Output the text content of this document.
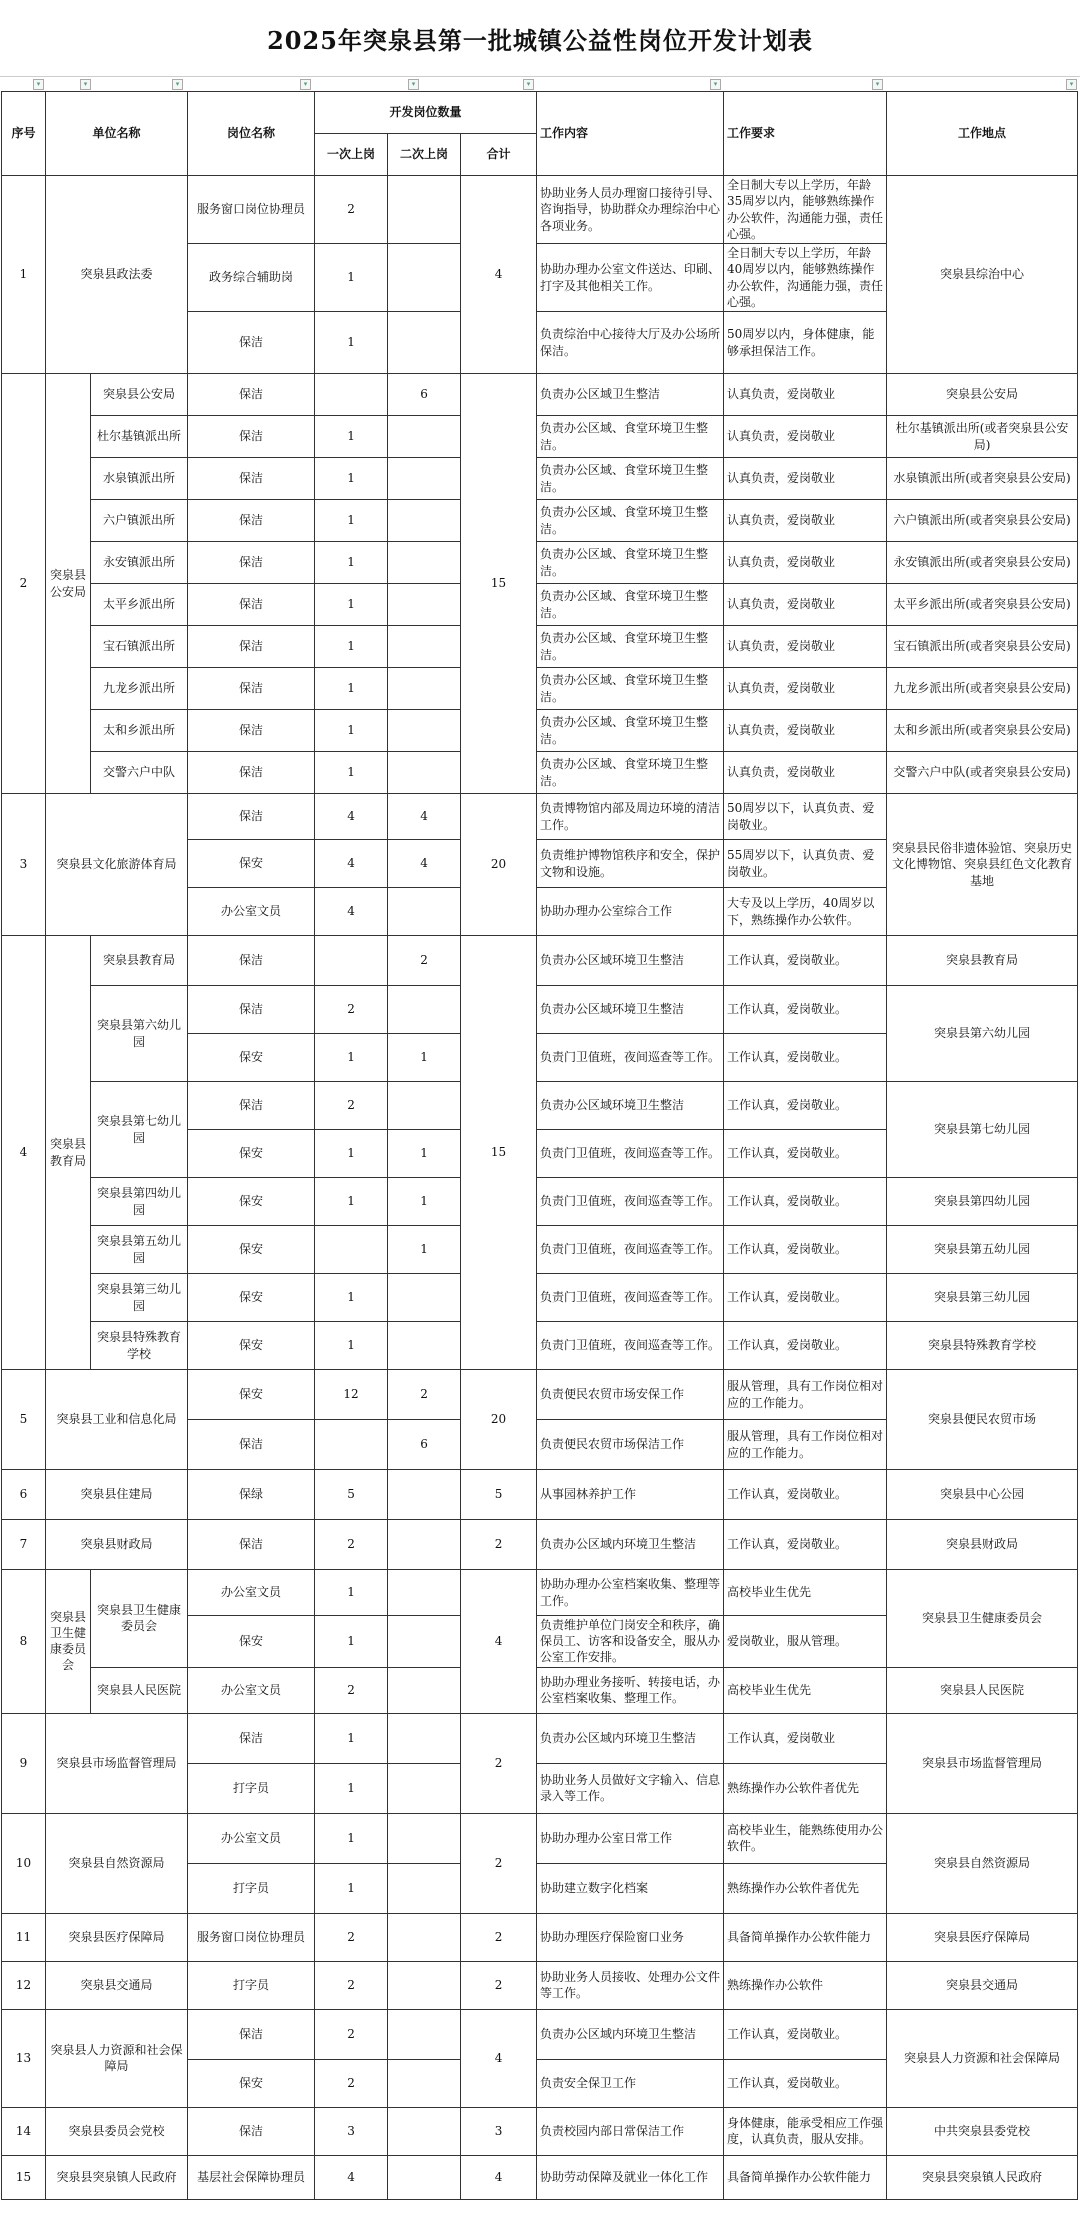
2025年突泉县第一批城镇公益性岗位开发计划表
▾	▾	▾	▾	▾	▾	▾	▾	▾
序号	单位名称		岗位名称	开发岗位数量			工作内容	工作要求	工作地点
				一次上岗	二次上岗	合计			
1	突泉县政法委		服务窗口岗位协理员	2		4	协助业务人员办理窗口接待引导、咨询指导，协助群众办理综治中心各项业务。	全日制大专以上学历，年龄35周岁以内，能够熟练操作办公软件，沟通能力强，责任心强。	突泉县综治中心
			政务综合辅助岗	1			协助办理办公室文件送达、印刷、打字及其他相关工作。	全日制大专以上学历，年龄40周岁以内，能够熟练操作办公软件，沟通能力强，责任心强。	
			保洁	1			负责综治中心接待大厅及办公场所保洁。	50周岁以内，身体健康，能够承担保洁工作。	
2	突泉县公安局	突泉县公安局	保洁		6	15	负责办公区域卫生整洁	认真负责，爱岗敬业	突泉县公安局
		杜尔基镇派出所	保洁	1			负责办公区域、食堂环境卫生整洁。	认真负责，爱岗敬业	杜尔基镇派出所(或者突泉县公安局)
		水泉镇派出所	保洁	1			负责办公区域、食堂环境卫生整洁。	认真负责，爱岗敬业	水泉镇派出所(或者突泉县公安局)
		六户镇派出所	保洁	1			负责办公区域、食堂环境卫生整洁。	认真负责，爱岗敬业	六户镇派出所(或者突泉县公安局)
		永安镇派出所	保洁	1			负责办公区域、食堂环境卫生整洁。	认真负责，爱岗敬业	永安镇派出所(或者突泉县公安局)
		太平乡派出所	保洁	1			负责办公区域、食堂环境卫生整洁。	认真负责，爱岗敬业	太平乡派出所(或者突泉县公安局)
		宝石镇派出所	保洁	1			负责办公区域、食堂环境卫生整洁。	认真负责，爱岗敬业	宝石镇派出所(或者突泉县公安局)
		九龙乡派出所	保洁	1			负责办公区域、食堂环境卫生整洁。	认真负责，爱岗敬业	九龙乡派出所(或者突泉县公安局)
		太和乡派出所	保洁	1			负责办公区域、食堂环境卫生整洁。	认真负责，爱岗敬业	太和乡派出所(或者突泉县公安局)
		交警六户中队	保洁	1			负责办公区域、食堂环境卫生整洁。	认真负责，爱岗敬业	交警六户中队(或者突泉县公安局)
3	突泉县文化旅游体育局		保洁	4	4	20	负责博物馆内部及周边环境的清洁工作。	50周岁以下，认真负责、爱岗敬业。	突泉县民俗非遗体验馆、突泉历史文化博物馆、突泉县红色文化教育基地
			保安	4	4		负责维护博物馆秩序和安全，保护文物和设施。	55周岁以下，认真负责、爱岗敬业。	
			办公室文员	4			协助办理办公室综合工作	大专及以上学历，40周岁以下，熟练操作办公软件。	
4	突泉县教育局	突泉县教育局	保洁		2	15	负责办公区域环境卫生整洁	工作认真，爱岗敬业。	突泉县教育局
		突泉县第六幼儿园	保洁	2			负责办公区域环境卫生整洁	工作认真，爱岗敬业。	突泉县第六幼儿园
			保安	1	1		负责门卫值班，夜间巡查等工作。	工作认真，爱岗敬业。	
		突泉县第七幼儿园	保洁	2			负责办公区域环境卫生整洁	工作认真，爱岗敬业。	突泉县第七幼儿园
			保安	1	1		负责门卫值班，夜间巡查等工作。	工作认真，爱岗敬业。	
		突泉县第四幼儿园	保安	1	1		负责门卫值班，夜间巡查等工作。	工作认真，爱岗敬业。	突泉县第四幼儿园
		突泉县第五幼儿园	保安		1		负责门卫值班，夜间巡查等工作。	工作认真，爱岗敬业。	突泉县第五幼儿园
		突泉县第三幼儿园	保安	1			负责门卫值班，夜间巡查等工作。	工作认真，爱岗敬业。	突泉县第三幼儿园
		突泉县特殊教育学校	保安	1			负责门卫值班，夜间巡查等工作。	工作认真，爱岗敬业。	突泉县特殊教育学校
5	突泉县工业和信息化局		保安	12	2	20	负责便民农贸市场安保工作	服从管理，具有工作岗位相对应的工作能力。	突泉县便民农贸市场
			保洁		6		负责便民农贸市场保洁工作	服从管理，具有工作岗位相对应的工作能力。	
6	突泉县住建局		保绿	5		5	从事园林养护工作	工作认真，爱岗敬业。	突泉县中心公园
7	突泉县财政局		保洁	2		2	负责办公区域内环境卫生整洁	工作认真，爱岗敬业。	突泉县财政局
8	突泉县卫生健康委员会	突泉县卫生健康委员会	办公室文员	1		4	协助办理办公室档案收集、整理等工作。	高校毕业生优先	突泉县卫生健康委员会
			保安	1			负责维护单位门岗安全和秩序，确保员工、访客和设备安全，服从办公室工作安排。	爱岗敬业，服从管理。	
		突泉县人民医院	办公室文员	2			协助办理业务接听、转接电话，办公室档案收集、整理工作。	高校毕业生优先	突泉县人民医院
9	突泉县市场监督管理局		保洁	1		2	负责办公区域内环境卫生整洁	工作认真，爱岗敬业	突泉县市场监督管理局
			打字员	1			协助业务人员做好文字输入、信息录入等工作。	熟练操作办公软件者优先	
10	突泉县自然资源局		办公室文员	1		2	协助办理办公室日常工作	高校毕业生，能熟练使用办公软件。	突泉县自然资源局
			打字员	1			协助建立数字化档案	熟练操作办公软件者优先	
11	突泉县医疗保障局		服务窗口岗位协理员	2		2	协助办理医疗保险窗口业务	具备简单操作办公软件能力	突泉县医疗保障局
12	突泉县交通局		打字员	2		2	协助业务人员接收、处理办公文件等工作。	熟练操作办公软件	突泉县交通局
13	突泉县人力资源和社会保障局		保洁	2		4	负责办公区域内环境卫生整洁	工作认真，爱岗敬业。	突泉县人力资源和社会保障局
			保安	2			负责安全保卫工作	工作认真，爱岗敬业。	
14	突泉县委员会党校		保洁	3		3	负责校园内部日常保洁工作	身体健康，能承受相应工作强度，认真负责，服从安排。	中共突泉县委党校
15	突泉县突泉镇人民政府		基层社会保障协理员	4		4	协助劳动保障及就业一体化工作	具备简单操作办公软件能力	突泉县突泉镇人民政府
